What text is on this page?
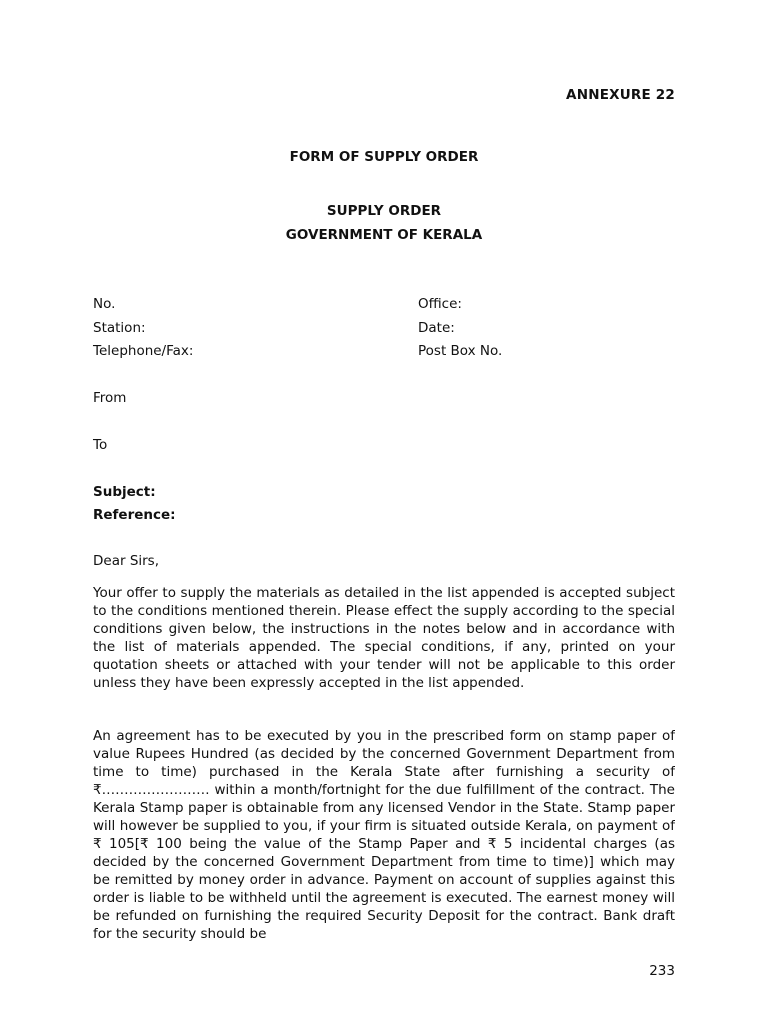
ANNEXURE 22
FORM OF SUPPLY ORDER
SUPPLY ORDER
GOVERNMENT OF KERALA
No.	Office:
Station:	Date:
Telephone/Fax:	Post Box No.
From
To
Subject:
Reference:
Dear Sirs,

Your offer to supply the materials as detailed in the list appended is accepted subject to the conditions mentioned therein. Please effect the supply according to the special conditions given below, the instructions in the notes below and in accordance with the list of materials appended. The special conditions, if any, printed on your quotation sheets or attached with your tender will not be applicable to this order unless they have been expressly accepted in the list appended.

An agreement has to be executed by you in the prescribed form on stamp paper of value Rupees Hundred (as decided by the concerned Government Department from time to time) purchased in the Kerala State after furnishing a security of ₹…………………… within a month/fortnight for the due fulfillment of the contract. The Kerala Stamp paper is obtainable from any licensed Vendor in the State. Stamp paper will however be supplied to you, if your firm is situated outside Kerala, on payment of ₹ 105[₹ 100 being the value of the Stamp Paper and ₹ 5 incidental charges (as decided by the concerned Government Department from time to time)] which may be remitted by money order in advance. Payment on account of supplies against this order is liable to be withheld until the agreement is executed. The earnest money will be refunded on furnishing the required Security Deposit for the contract. Bank draft for the security should be

233
